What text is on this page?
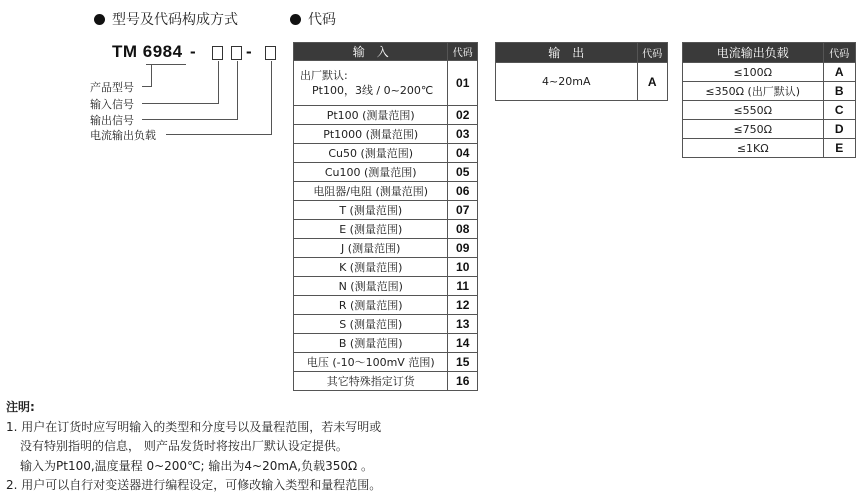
型号及代码构成方式	代码
TM 6984 -	-
产品型号
输入信号
输出信号
电流输出负载
输　入	代码

出厂默认:
Pt100，3线 / 0~200℃	01
Pt100 (测量范围)	02
Pt1000 (测量范围)	03
Cu50 (测量范围)	04
Cu100 (测量范围)	05
电阻器/电阻 (测量范围)	06
T (测量范围)	07
E (测量范围)	08
J (测量范围)	09
K (测量范围)	10
N (测量范围)	11
R (测量范围)	12
S (测量范围)	13
B (测量范围)	14
电压 (-10～100mV 范围)	15
其它特殊指定订货	16
输　出	代码
4~20mA	A
电流输出负载	代码
≤100Ω	A
≤350Ω (出厂默认)	B
≤550Ω	C
≤750Ω	D
≤1KΩ	E
注明:
1. 用户在订货时应写明输入的类型和分度号以及量程范围，若未写明或
没有特别指明的信息， 则产品发货时将按出厂默认设定提供。
输入为Pt100,温度量程 0~200℃; 输出为4~20mA,负载350Ω 。
2. 用户可以自行对变送器进行编程设定，可修改输入类型和量程范围。
